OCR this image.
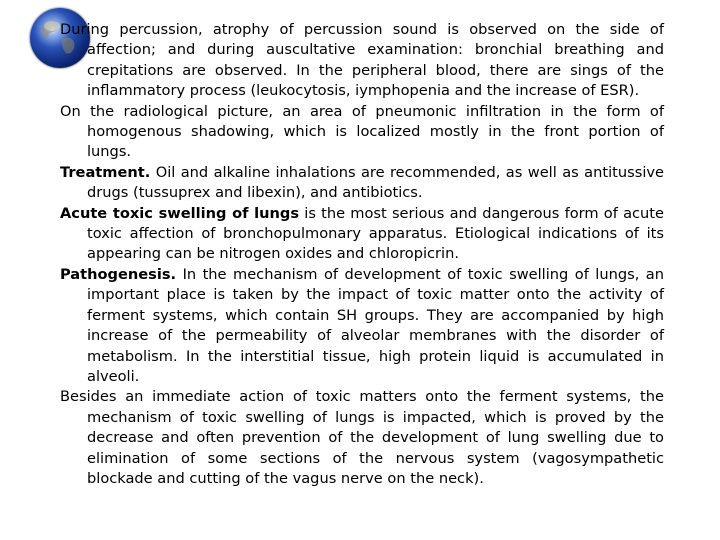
During percussion, atrophy of percussion sound is observed on the side of affection; and during auscultative examination: bronchial breathing and crepitations are observed. In the peripheral blood, there are sings of the inflammatory process (leukocytosis, iymphopenia and the increase of ESR).

On the radiological picture, an area of pneumonic infiltration in the form of homogenous shadowing, which is localized mostly in the front portion of lungs.

Treatment. Oil and alkaline inhalations are recommended, as well as antitussive drugs (tussuprex and libexin), and antibiotics.

Acute toxic swelling of lungs is the most serious and dangerous form of acute toxic affection of bronchopulmonary apparatus. Etiological indications of its appearing can be nitrogen oxides and chloropicrin.

Pathogenesis. In the mechanism of development of toxic swelling of lungs, an important place is taken by the impact of toxic matter onto the activity of ferment systems, which contain SH groups. They are accompanied by high increase of the permeability of alveolar membranes with the disorder of metabolism. In the interstitial tissue, high protein liquid is accumulated in alveoli.

Besides an immediate action of toxic matters onto the ferment systems, the mechanism of toxic swelling of lungs is impacted, which is proved by the decrease and often prevention of the development of lung swelling due to elimination of some sections of the nervous system (vagosympathetic blockade and cutting of the vagus nerve on the neck).
